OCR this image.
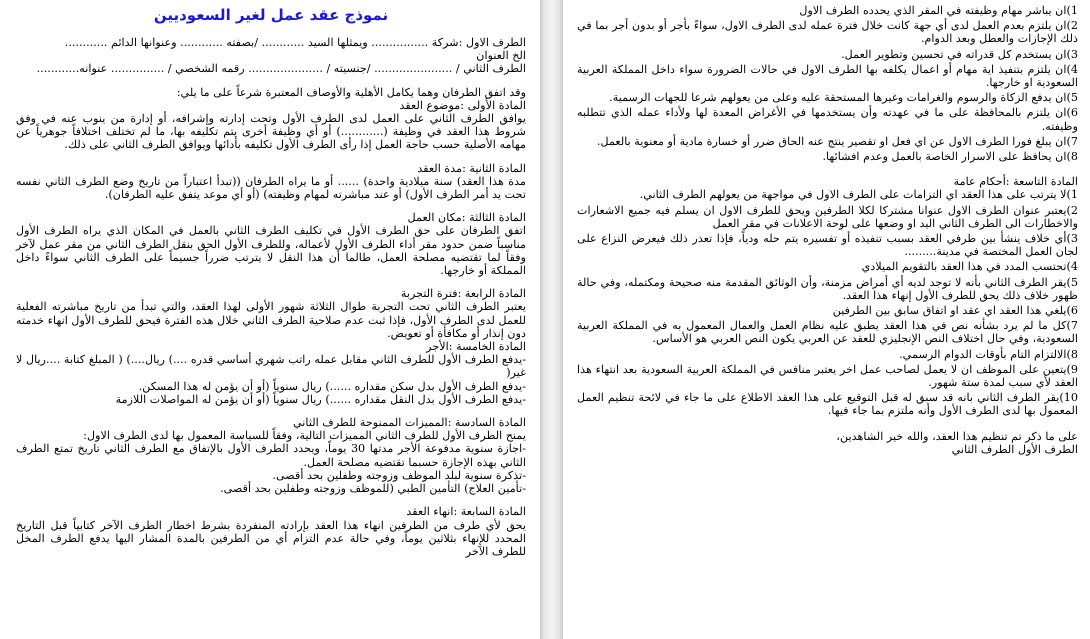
نموذج عقد عمل لغير السعوديين
الطرف الاول :شركة ................ ويمثلها السيد ............ /بصفته ............ وعنوانها الدائم ............
الخ العنوان
الطرف الثاني / ...................... /جنسيته / ..................... رقمه الشخصي / ............... عنوانه............

وقد اتفق الطرفان وهما يكامل الأهلية والأوصاف المعتبرة شرعاً على ما يلي:

المادة الأولى :موضوع العقد

يوافق الطرف الثاني على العمل لدى الطرف الأول وتحت إدارته وإشرافه، أو إدارة من ينوب عنه في وفق شروط هذا العقد في وظيفة (............) أو أي وظيفة أخرى يتم تكليفه بها، ما لم تختلف اختلافاً جوهرياً عن مهامه الأصلية حسب حاجة العمل إذا رأى الطرف الأول تكليفه بأدائها ويوافق الطرف الثاني على ذلك.

المادة الثانية :مدة العقد

مدة هذا العقد) سنة ميلادية واحدة) ...... أو ما يراه الطرفان ((تبدأ اعتباراً من تاريخ وضع الطرف الثاني نفسه تحت يد أمر الطرف الأول) أو عند مباشرته لمهام وظيفته) (أو أي موعد يتفق عليه الطرفان).

المادة الثالثة :مكان العمل

اتفق الطرفان على حق الطرف الأول في تكليف الطرف الثاني بالعمل في المكان الذي يراه الطرف الأول مناسباً ضمن حدود مقر أداء الطرف الأول لأعماله، وللطرف الأول الحق بنقل الطرف الثاني من مقر عمل لآخر وفقاً لما تقتضيه مصلحة العمل، طالما أن هذا النقل لا يترتب ضرراً جسيماً على الطرف الثاني سواءً داخل المملكة أو خارجها.

المادة الرابعة :فترة التجربة

يعتبر الطرف الثاني تحت التجربة طوال الثلاثة شهور الأولى لهذا العقد، والتي تبدأ من تاريخ مباشرته الفعلية للعمل لدى الطرف الأول، فإذا ثبت عدم صلاحية الطرف الثاني خلال هذه الفترة فيحق للطرف الأول انهاء خدمته دون إنذار أو مكافأة أو تعويض.

المادة الخامسة :الأجر

-يدفع الطرف الأول للطرف الثاني مقابل عمله راتب شهري أساسي قدره ....) ريال....) ( المبلغ كتابة ....ريال لا غير(

-يدفع الطرف الأول بدل سكن مقداره ......) ريال سنوياً (أو أن يؤمن له هذا المسكن.

-يدفع الطرف الأول بدل النقل مقداره ......) ريال سنوياً (أو أن يؤمن له المواصلات اللازمة

المادة السادسة :المميزات الممنوحة للطرف الثاني

يمنح الطرف الأول للطرف الثاني المميزات التالية، وفقاً للسياسة المعمول بها لدى الطرف الاول:

-اجازة سنوية مدفوعة الأجر مدتها 30 يوماً، ويحدد الطرف الأول بالإتفاق مع الطرف الثاني تاريخ تمتع الطرف الثاني بهذه الإجازة حسبما تقتضيه مصلحة العمل.

-تذكرة سنوية لبلد الموظف وزوجته وطفلين بحد أقصى.

-تأمين العلاج) التأمين الطبي (للموظف وزوجته وطفلين بحد أقصى.

المادة السابعة :انهاء العقد

يحق لأي طرف من الطرفين انهاء هذا العقد بإرادته المنفردة بشرط اخطار الطرف الآخر كتابياً قبل التاريخ المحدد للإنهاء بثلاثين يوماً، وفي حالة عدم التزام أي من الطرفين بالمدة المشار اليها يدفع الطرف المخل للطرف الآخر

1)ان يباشر مهام وظيفته في المقر الذي يحدده الطرف الاول

2)ان يلتزم بعدم العمل لدى أي جهة كانت خلال فترة عمله لدى الطرف الاول، سواءً بأجر أو بدون أجر بما في ذلك الإجازات والعطل وبعد الدوام.

3)ان يستخدم كل قدراته في تحسين وتطوير العمل.

4)ان يلتزم بتنفيذ اية مهام أو اعمال يكلفه بها الطرف الاول في حالات الضرورة سواء داخل المملكة العربية السعودية او خارجها.

5)ان يدفع الزكاة والرسوم والغرامات وغيرها المستحقة عليه وعلى من يعولهم شرعا للجهات الرسمية.

6)ان يلتزم بالمحافظة على ما في عهدته وأن يستخدمها في الأغراض المعدة لها ولأداء عمله الذي تتطلبه وظيفته.

7)ان يبلغ فورا الطرف الاول عن اي فعل او تقصير ينتج عنه الحاق ضرر أو خسارة مادية أو معنوية بالعمل.

8)ان يحافظ على الاسرار الخاصة بالعمل وعدم افشائها.

المادة التاسعة :أحكام عامة

1)لا يترتب على هذا العقد اي التزامات على الطرف الاول في مواجهة من يعولهم الطرف الثاني.

2)يعتبر عنوان الطرف الاول عنوانا مشتركا لكلا الطرفين ويحق للطرف الاول ان يسلم فيه جميع الاشعارات والاخطارات الى الطرف الثاني اليد او وضعها على لوحة الاعلانات في مقر العمل

3)أي خلاف ينشأ بين طرفي العقد بسبب تنفيذه أو تفسيره يتم حله ودياً، فإذا تعذر ذلك فيعرض النزاع على لجان العمل المختصة في مدينة.........

4)تحتسب المدد في هذا العقد بالتقويم الميلادي

5)يقر الطرف الثاني بأنه لا توجد لديه أي أمراض مزمنة، وأن الوثائق المقدمة منه صحيحة ومكتمله، وفي حالة ظهور خلاف ذلك يحق للطرف الأول إنهاء هذا العقد.

6)يلغي هذا العقد اي عقد او اتفاق سابق بين الطرفين

7)كل ما لم يرد بشأنه نص في هذا العقد يطبق عليه نظام العمل والعمال المعمول به في المملكة العربية السعودية، وفي حال اختلاف النص الإنجليزي للعقد عن العربي يكون النص العربي هو الأساس.

8)الالتزام التام بأوقات الدوام الرسمي.

9)يتعين على الموظف ان لا يعمل لصاحب عمل اخر يعتبر منافس في المملكة العربية السعودية بعد انتهاء هذا العقد لأي سبب لمدة ستة شهور.

10)يقر الطرف الثاني بانه قد سبق له قبل التوقيع على هذا العقد الاطلاع على ما جاء في لائحة تنظيم العمل المعمول بها لدى الطرف الأول وأنه ملتزم بما جاء فيها.

على ما ذكر تم تنظيم هذا العقد، والله خير الشاهدين،

الطرف الأول الطرف الثاني
